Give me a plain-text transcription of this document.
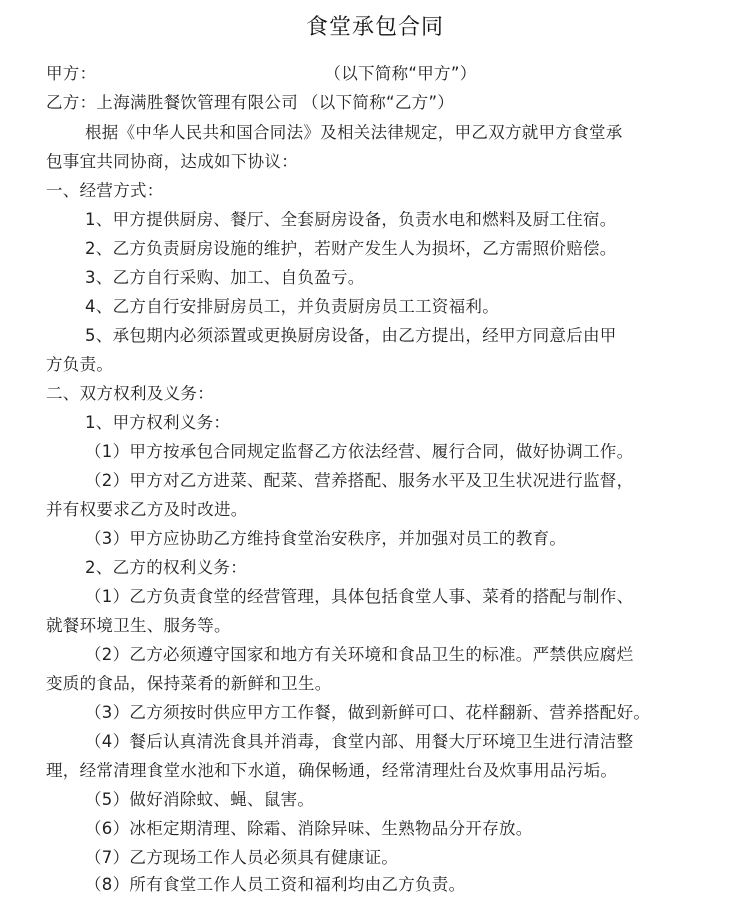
食堂承包合同
甲方：	（以下简称“甲方”）
乙方：上海满胜餐饮管理有限公司 （以下简称“乙方”）
根据《中华人民共和国合同法》及相关法律规定，甲乙双方就甲方食堂承
包事宜共同协商，达成如下协议：
一、经营方式：
1、甲方提供厨房、餐厅、全套厨房设备，负责水电和燃料及厨工住宿。
2、乙方负责厨房设施的维护，若财产发生人为损坏，乙方需照价赔偿。
3、乙方自行采购、加工、自负盈亏。
4、乙方自行安排厨房员工，并负责厨房员工工资福利。
5、承包期内必须添置或更换厨房设备，由乙方提出，经甲方同意后由甲
方负责。
二、双方权利及义务：
1、甲方权利义务：
（1）甲方按承包合同规定监督乙方依法经营、履行合同，做好协调工作。
（2）甲方对乙方进菜、配菜、营养搭配、服务水平及卫生状况进行监督，
并有权要求乙方及时改进。
（3）甲方应协助乙方维持食堂治安秩序，并加强对员工的教育。
2、乙方的权利义务：
（1）乙方负责食堂的经营管理，具体包括食堂人事、菜肴的搭配与制作、
就餐环境卫生、服务等。
（2）乙方必须遵守国家和地方有关环境和食品卫生的标准。严禁供应腐烂
变质的食品，保持菜肴的新鲜和卫生。
（3）乙方须按时供应甲方工作餐，做到新鲜可口、花样翻新、营养搭配好。
（4）餐后认真清洗食具并消毒，食堂内部、用餐大厅环境卫生进行清洁整
理，经常清理食堂水池和下水道，确保畅通，经常清理灶台及炊事用品污垢。
（5）做好消除蚊、蝇、鼠害。
（6）冰柜定期清理、除霜、消除异味、生熟物品分开存放。
（7）乙方现场工作人员必须具有健康证。
（8）所有食堂工作人员工资和福利均由乙方负责。
